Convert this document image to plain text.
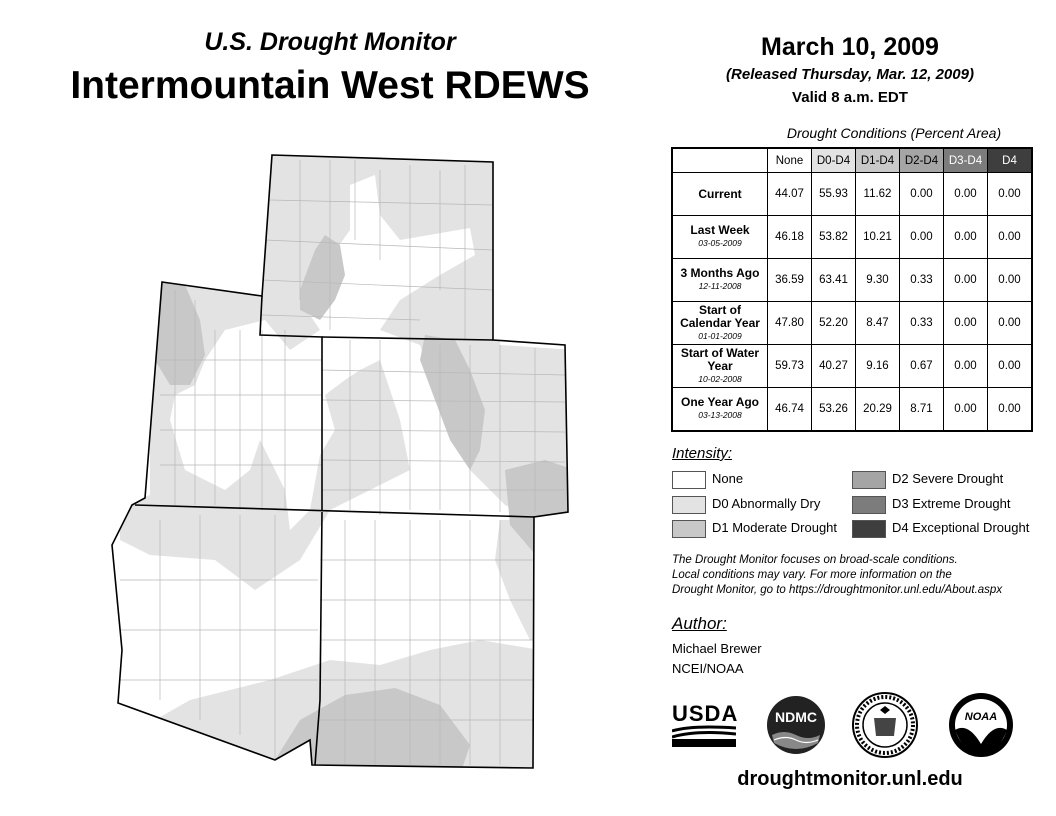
U.S. Drought Monitor
Intermountain West RDEWS
March 10, 2009
(Released Thursday, Mar. 12, 2009)
Valid 8 a.m. EDT
Drought Conditions (Percent Area)
	None	D0-D4	D1-D4	D2-D4	D3-D4	D4
Current	44.07	55.93	11.62	0.00	0.00	0.00
Last Week
03-05-2009	46.18	53.82	10.21	0.00	0.00	0.00
3 Months Ago
12-11-2008	36.59	63.41	9.30	0.33	0.00	0.00
Start of Calendar Year
01-01-2009	47.80	52.20	8.47	0.33	0.00	0.00
Start of Water Year
10-02-2008	59.73	40.27	9.16	0.67	0.00	0.00
One Year Ago
03-13-2008	46.74	53.26	20.29	8.71	0.00	0.00
Intensity:
None
D0 Abnormally Dry
D1 Moderate Drought
D2 Severe Drought
D3 Extreme Drought
D4 Exceptional Drought
The Drought Monitor focuses on broad-scale conditions.
Local conditions may vary. For more information on the
Drought Monitor, go to https://droughtmonitor.unl.edu/About.aspx
Author:
Michael Brewer
NCEI/NOAA
USDA	NDMC	NOAA
droughtmonitor.unl.edu
